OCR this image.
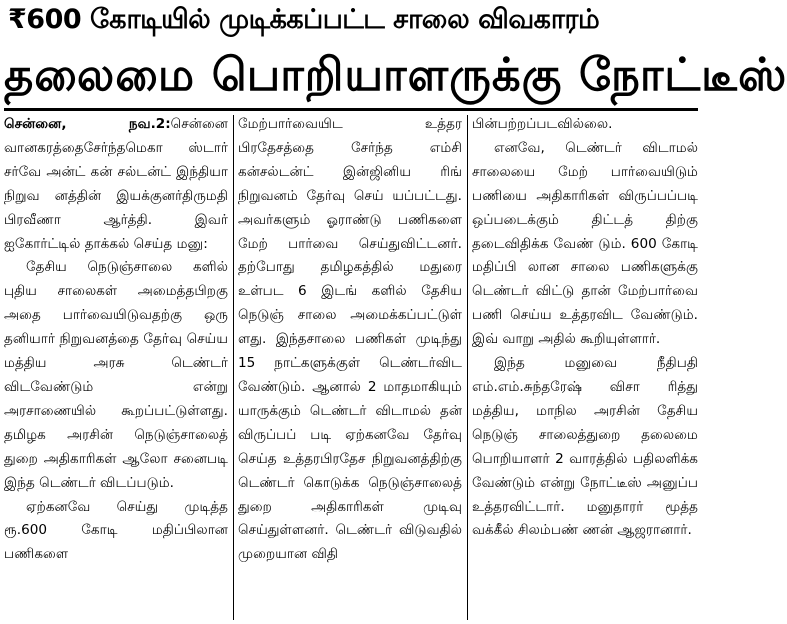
₹600 கோடியில் முடிக்கப்பட்ட சாலை விவகாரம்
தலைமை பொறியாளருக்கு நோட்டீஸ்

சென்னை, நவ.2:சென்னை வானகரத்தைசேர்ந்தமெகா ஸ்டார் சர்வே அன்ட் கன் சல்டன்ட் இந்தியா நிறுவ னத்தின் இயக்குனர்திருமதி பிரவீணா ஆர்த்தி. இவர் ஐகோர்ட்டில் தாக்கல் செய்த மனு:

தேசிய நெடுஞ்சாலை களில் புதிய சாலைகள் அமைத்தபிறகு அதை பார்வையிடுவதற்கு ஒரு தனியார் நிறுவனத்தை தேர்வு செய்ய மத்திய அரசு டெண்டர் விடவேண்டும் என்று அரசாணையில் கூறப்பட்டுள்ளது. தமிழக அரசின் நெடுஞ்சாலைத் துறை அதிகாரிகள் ஆலோ சனைபடி இந்த டெண்டர் விடப்படும்.

ஏற்கனவே செய்து முடித்த ரூ.600 கோடி மதிப்பிலான பணிகளை

மேற்பார்வையிட உத்தர பிரதேசத்தை சேர்ந்த எம்சி கன்சல்டன்ட் இன்ஜினிய ரிங் நிறுவனம் தேர்வு செய் யப்பட்டது. அவர்களும் ஓராண்டு பணிகளை மேற் பார்வை செய்துவிட்டனர். தற்போது தமிழகத்தில் மதுரை உள்பட 6 இடங் களில் தேசிய நெடுஞ் சாலை அமைக்கப்பட்டுள் ளது. இந்தசாலை பணிகள் முடிந்து 15 நாட்களுக்குள் டெண்டர்விட வேண்டும். ஆனால் 2 மாதமாகியும் யாருக்கும் டெண்டர் விடாமல் தன் விருப்பப் படி ஏற்கனவே தேர்வு செய்த உத்தரபிரதேச நிறுவனத்திற்கு டெண்டர் கொடுக்க நெடுஞ்சாலைத் துறை அதிகாரிகள் முடிவு செய்துள்ளனர். டெண்டர் விடுவதில் முறையான விதி

பின்பற்றப்படவில்லை.

எனவே, டெண்டர் விடாமல் சாலையை மேற் பார்வையிடும் பணியை அதிகாரிகள் விருப்பப்படி ஒப்படைக்கும் திட்டத் திற்கு தடைவிதிக்க வேண் டும். 600 கோடி மதிப்பி லான சாலை பணிகளுக்கு டெண்டர் விட்டு தான் மேற்பார்வை பணி செய்ய உத்தரவிட வேண்டும். இவ் வாறு அதில் கூறியுள்ளார்.

இந்த மனுவை நீதிபதி எம்.எம்.சுந்தரேஷ் விசா ரித்து மத்திய, மாநில அரசின் தேசிய நெடுஞ் சாலைத்துறை தலைமை பொறியாளர் 2 வாரத்தில் பதிலளிக்க வேண்டும் என்று நோட்டீஸ் அனுப்ப உத்தரவிட்டார். மனுதாரர் மூத்த வக்கீல் சிலம்பண் ணன் ஆஜரானார்.
